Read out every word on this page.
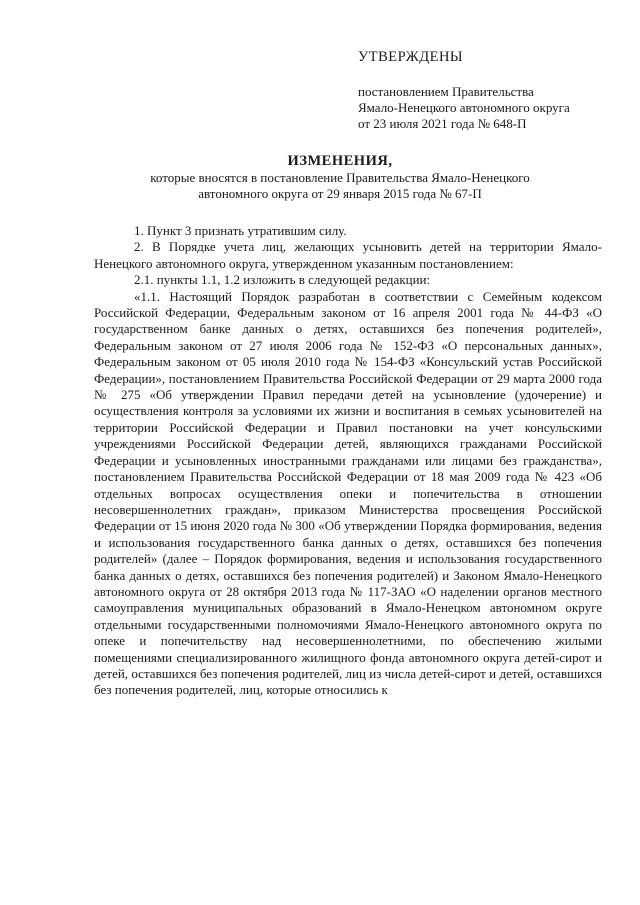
УТВЕРЖДЕНЫ
постановлением Правительства
Ямало-Ненецкого автономного округа
от 23 июля 2021 года № 648-П
ИЗМЕНЕНИЯ,
которые вносятся в постановление Правительства Ямало-Ненецкого
автономного округа от 29 января 2015 года № 67-П

1. Пункт 3 признать утратившим силу.

2. В Порядке учета лиц, желающих усыновить детей на территории Ямало-Ненецкого автономного округа, утвержденном указанным постановлением:

2.1. пункты 1.1, 1.2 изложить в следующей редакции:

«1.1. Настоящий Порядок разработан в соответствии с Семейным кодексом Российской Федерации, Федеральным законом от 16 апреля 2001 года № 44-ФЗ «О государственном банке данных о детях, оставшихся без попечения родителей», Федеральным законом от 27 июля 2006 года № 152-ФЗ «О персональных данных», Федеральным законом от 05 июля 2010 года № 154-ФЗ «Консульский устав Российской Федерации», постановлением Правительства Российской Федерации от 29 марта 2000 года № 275 «Об утверждении Правил передачи детей на усыновление (удочерение) и осуществления контроля за условиями их жизни и воспитания в семьях усыновителей на территории Российской Федерации и Правил постановки на учет консульскими учреждениями Российской Федерации детей, являющихся гражданами Российской Федерации и усыновленных иностранными гражданами или лицами без гражданства», постановлением Правительства Российской Федерации от 18 мая 2009 года № 423 «Об отдельных вопросах осуществления опеки и попечительства в отношении несовершеннолетних граждан», приказом Министерства просвещения Российской Федерации от 15 июня 2020 года № 300 «Об утверждении Порядка формирования, ведения и использования государственного банка данных о детях, оставшихся без попечения родителей» (далее – Порядок формирования, ведения и использования государственного банка данных о детях, оставшихся без попечения родителей) и Законом Ямало-Ненецкого автономного округа от 28 октября 2013 года № 117-ЗАО «О наделении органов местного самоуправления муниципальных образований в Ямало-Ненецком автономном округе отдельными государственными полномочиями Ямало-Ненецкого автономного округа по опеке и попечительству над несовершеннолетними, по обеспечению жилыми помещениями специализированного жилищного фонда автономного округа детей-сирот и детей, оставшихся без попечения родителей, лиц из числа детей-сирот и детей, оставшихся без попечения родителей, лиц, которые относились к
